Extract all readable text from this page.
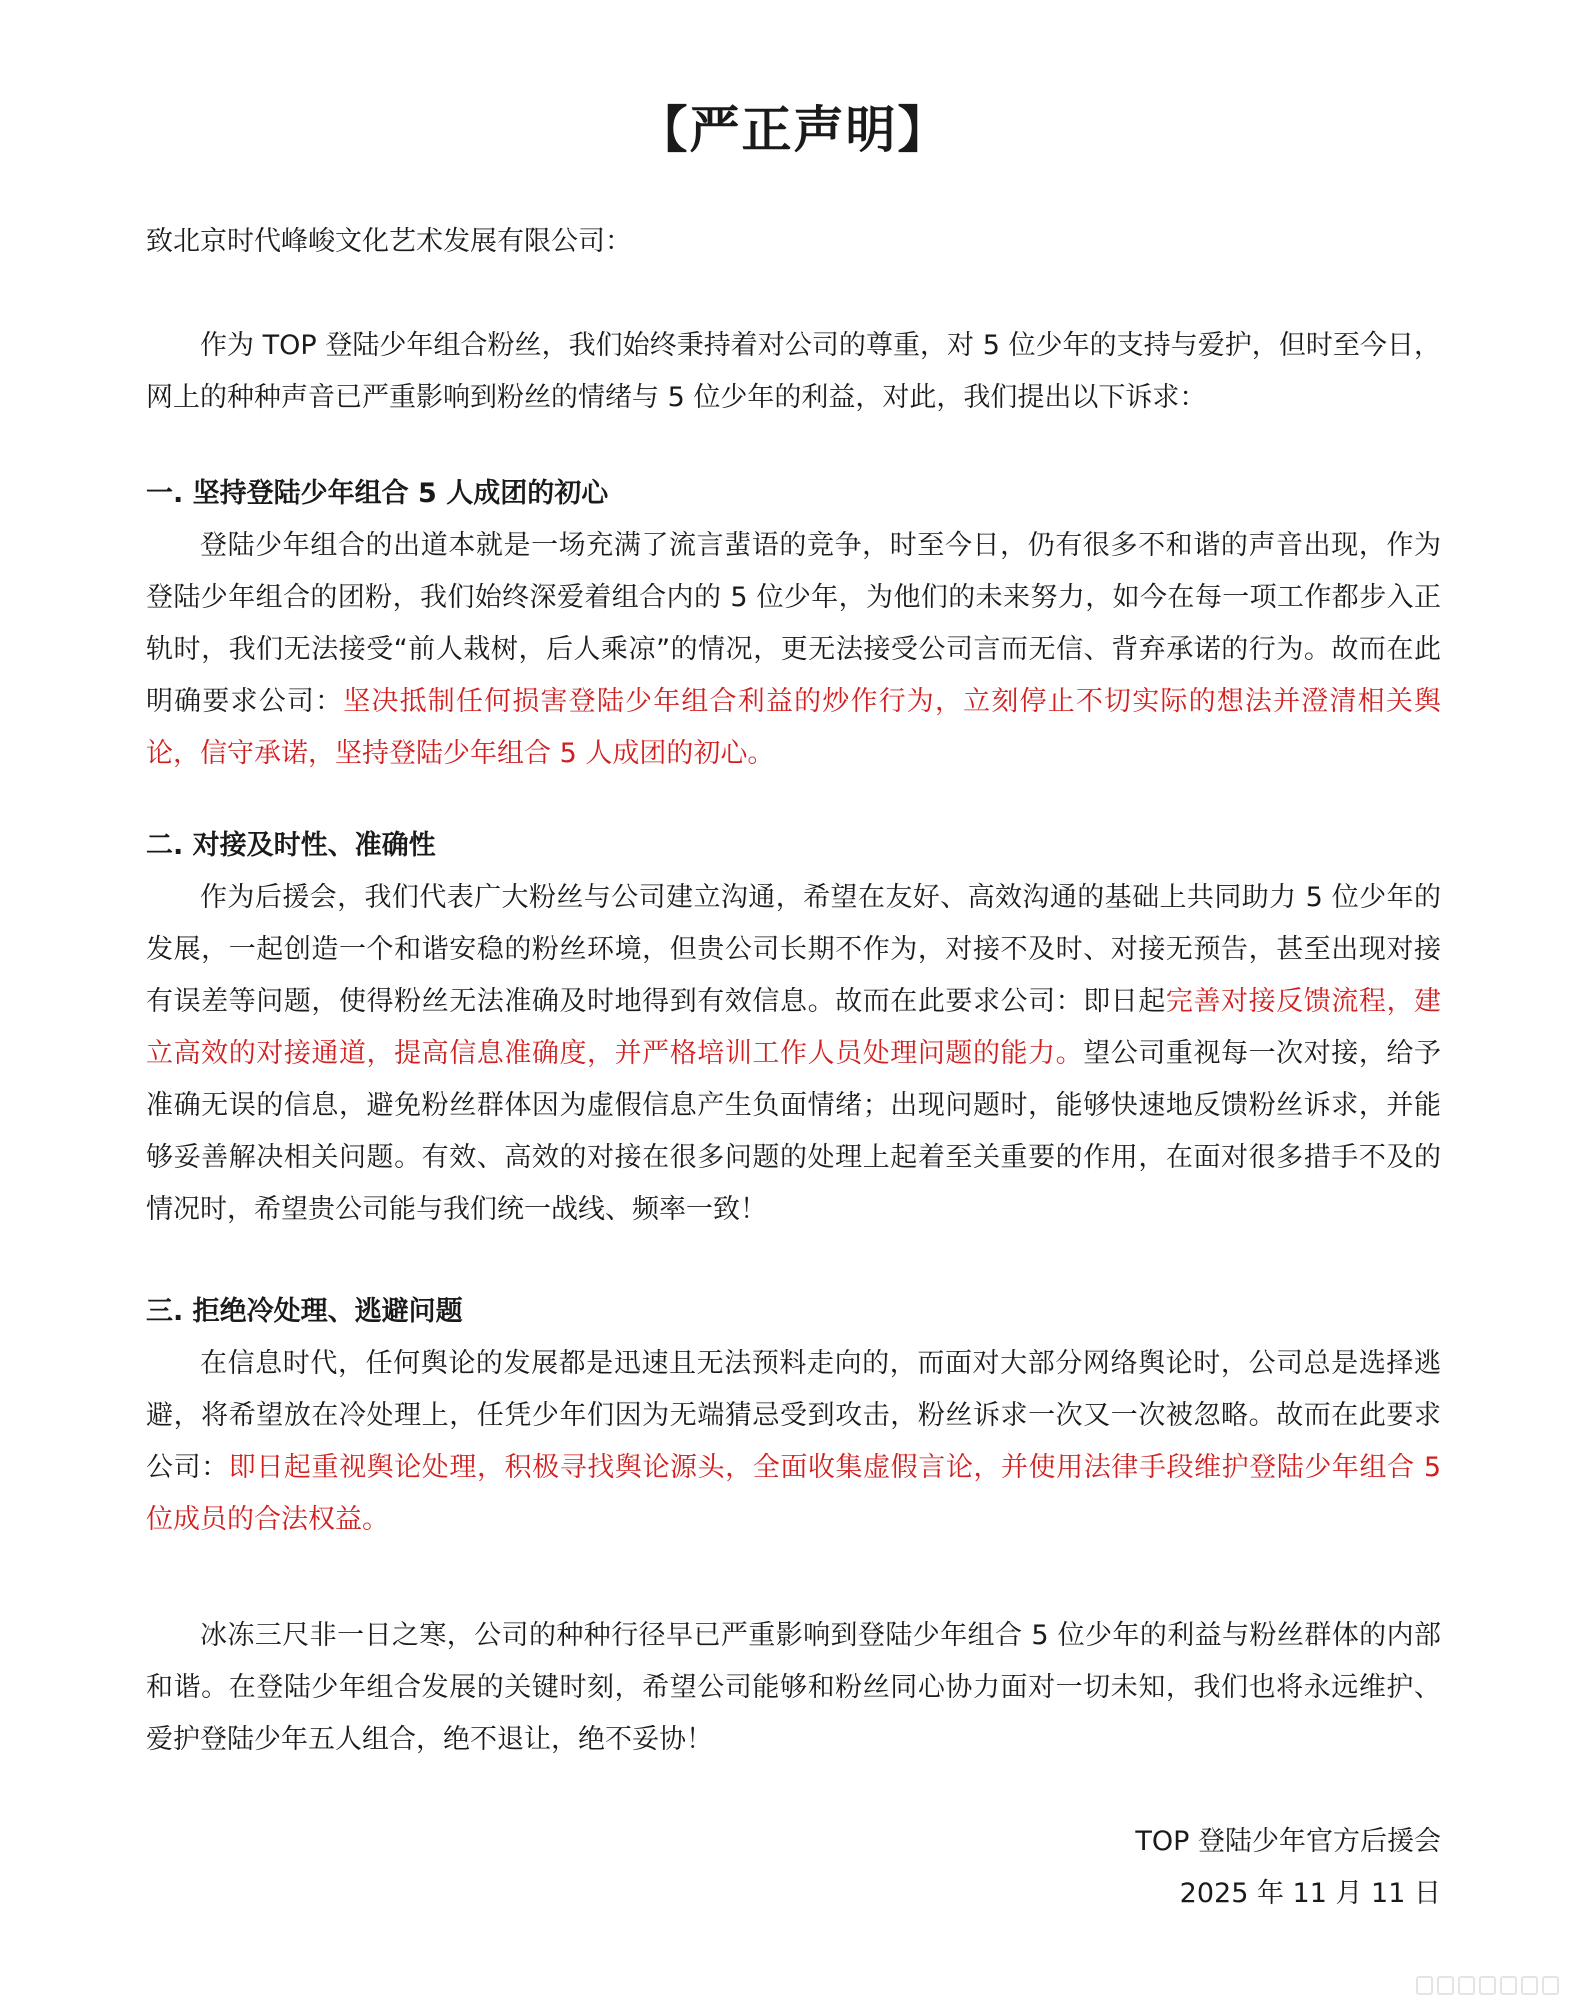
【严正声明】

致北京时代峰峻文化艺术发展有限公司：

作为 TOP 登陆少年组合粉丝，我们始终秉持着对公司的尊重，对 5 位少年的支持与爱护，但时至今日，网上的种种声音已严重影响到粉丝的情绪与 5 位少年的利益，对此，我们提出以下诉求：

一. 坚持登陆少年组合 5 人成团的初心

登陆少年组合的出道本就是一场充满了流言蜚语的竞争，时至今日，仍有很多不和谐的声音出现，作为登陆少年组合的团粉，我们始终深爱着组合内的 5 位少年，为他们的未来努力，如今在每一项工作都步入正轨时，我们无法接受“前人栽树，后人乘凉”的情况，更无法接受公司言而无信、背弃承诺的行为。故而在此明确要求公司：坚决抵制任何损害登陆少年组合利益的炒作行为，立刻停止不切实际的想法并澄清相关舆论，信守承诺，坚持登陆少年组合 5 人成团的初心。

二. 对接及时性、准确性

作为后援会，我们代表广大粉丝与公司建立沟通，希望在友好、高效沟通的基础上共同助力 5 位少年的发展，一起创造一个和谐安稳的粉丝环境，但贵公司长期不作为，对接不及时、对接无预告，甚至出现对接有误差等问题，使得粉丝无法准确及时地得到有效信息。故而在此要求公司：即日起完善对接反馈流程，建立高效的对接通道，提高信息准确度，并严格培训工作人员处理问题的能力。望公司重视每一次对接，给予准确无误的信息，避免粉丝群体因为虚假信息产生负面情绪；出现问题时，能够快速地反馈粉丝诉求，并能够妥善解决相关问题。有效、高效的对接在很多问题的处理上起着至关重要的作用，在面对很多措手不及的情况时，希望贵公司能与我们统一战线、频率一致！

三. 拒绝冷处理、逃避问题

在信息时代，任何舆论的发展都是迅速且无法预料走向的，而面对大部分网络舆论时，公司总是选择逃避，将希望放在冷处理上，任凭少年们因为无端猜忌受到攻击，粉丝诉求一次又一次被忽略。故而在此要求公司：即日起重视舆论处理，积极寻找舆论源头，全面收集虚假言论，并使用法律手段维护登陆少年组合 5 位成员的合法权益。

冰冻三尺非一日之寒，公司的种种行径早已严重影响到登陆少年组合 5 位少年的利益与粉丝群体的内部和谐。在登陆少年组合发展的关键时刻，希望公司能够和粉丝同心协力面对一切未知，我们也将永远维护、爱护登陆少年五人组合，绝不退让，绝不妥协！

TOP 登陆少年官方后援会
2025 年 11 月 11 日
